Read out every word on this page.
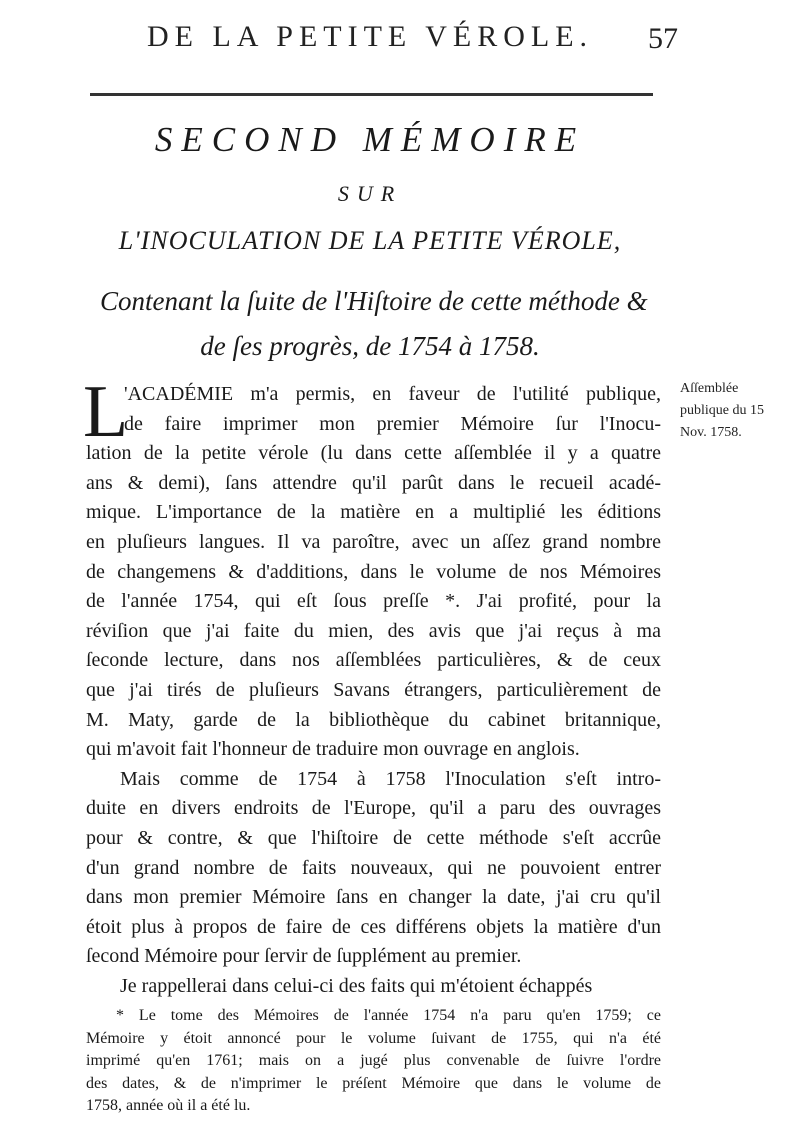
DE LA PETITE VÉROLE.	57
SECOND MÉMOIRE
SUR
L'INOCULATION DE LA PETITE VÉROLE,
Contenant la ſuite de l'Hiſtoire de cette méthode &
de ſes progrès, de 1754 à 1758.
L
'ACADÉMIE m'a permis, en faveur de l'utilité publique,
de faire imprimer mon premier Mémoire ſur l'Inocu-
lation de la petite vérole (lu dans cette aſſemblée il y a quatre
ans & demi), ſans attendre qu'il parût dans le recueil acadé-
mique. L'importance de la matière en a multiplié les éditions
en pluſieurs langues. Il va paroître, avec un aſſez grand nombre
de changemens & d'additions, dans le volume de nos Mémoires
de l'année 1754, qui eſt ſous preſſe *. J'ai profité, pour la
réviſion que j'ai faite du mien, des avis que j'ai reçus à ma
ſeconde lecture, dans nos aſſemblées particulières, & de ceux
que j'ai tirés de pluſieurs Savans étrangers, particulièrement de
M. Maty, garde de la bibliothèque du cabinet britannique,
qui m'avoit fait l'honneur de traduire mon ouvrage en anglois.
Mais comme de 1754 à 1758 l'Inoculation s'eſt intro-
duite en divers endroits de l'Europe, qu'il a paru des ouvrages
pour & contre, & que l'hiſtoire de cette méthode s'eſt accrûe
d'un grand nombre de faits nouveaux, qui ne pouvoient entrer
dans mon premier Mémoire ſans en changer la date, j'ai cru qu'il
étoit plus à propos de faire de ces différens objets la matière d'un
ſecond Mémoire pour ſervir de ſupplément au premier.
Je rappellerai dans celui-ci des faits qui m'étoient échappés
Aſſemblée
publique du 15
Nov. 1758.
* Le tome des Mémoires de l'année 1754 n'a paru qu'en 1759; ce
Mémoire y étoit annoncé pour le volume ſuivant de 1755, qui n'a été
imprimé qu'en 1761; mais on a jugé plus convenable de ſuivre l'ordre
des dates, & de n'imprimer le préſent Mémoire que dans le volume de
1758, année où il a été lu.
